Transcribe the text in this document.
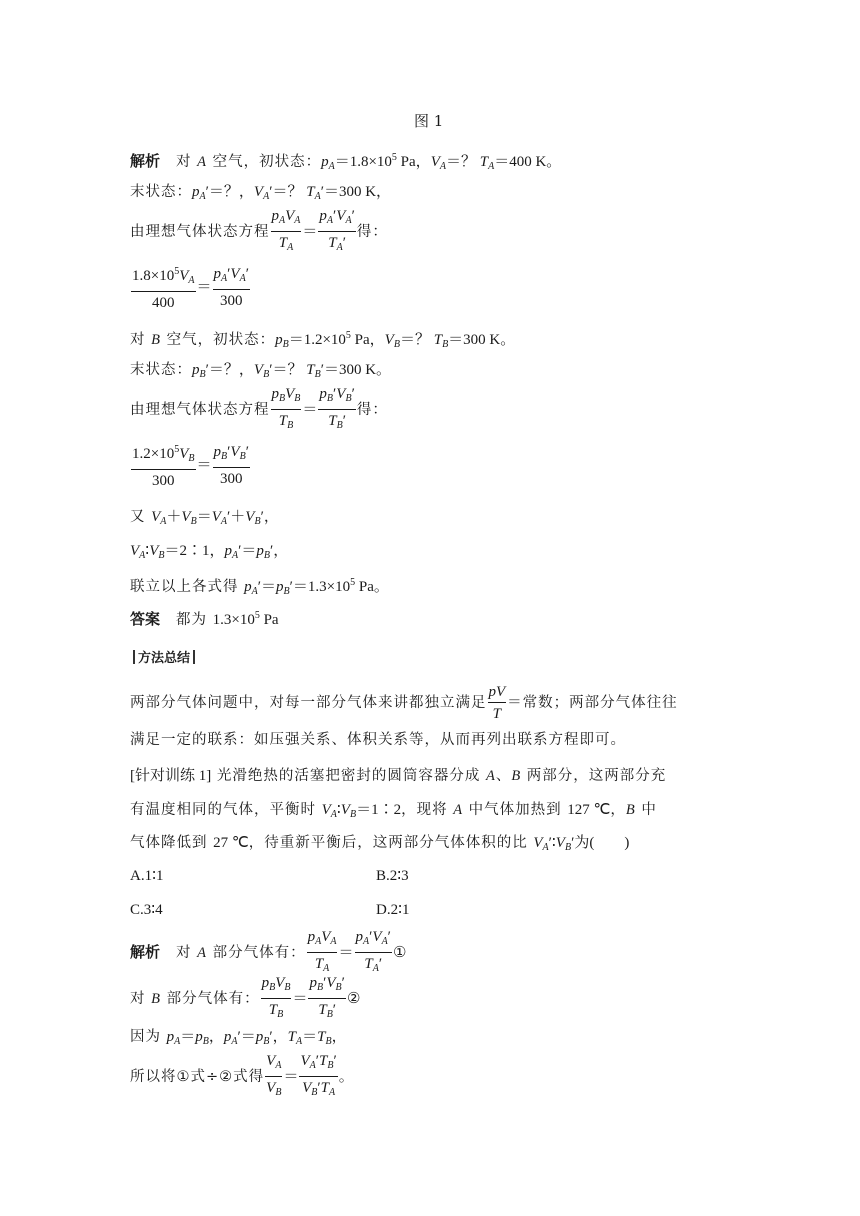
图 1
解析   对 A 空气，初状态：$p_A=1.8\times 10^5$ Pa，$V_A=$？ $T_A=400$ K。
末状态：$p_A'=$？，$V_A'=$？ $T_A'=300$ K，
由理想气体状态方程 $\frac{p_AV_A}{T_A} = \frac{p_A'V_A'}{T_A'}$ 得：
$\frac{1.8\times 10^5V_A}{400} = \frac{p_A'V_A'}{300}$
对 B 空气，初状态：$p_B=1.2\times 10^5$ Pa，$V_B=$？ $T_B=300$ K。
末状态：$p_B'=$？，$V_B'=$？ $T_B'=300$ K。
由理想气体状态方程 $\frac{p_BV_B}{T_B} = \frac{p_B'V_B'}{T_B'}$ 得：
$\frac{1.2\times 10^5V_B}{300} = \frac{p_B'V_B'}{300}$
又 $V_A+V_B=V_A'+V_B'$，
$V_A∶V_B=2∶1$，$p_A'=p_B'$，
联立以上各式得 $p_A'=p_B'=1.3\times 10^5$ Pa。
答案   都为 $1.3\times 10^5$ Pa
方法总结
两部分气体问题中，对每一部分气体来讲都独立满足 $\frac{pV}{T}$ ＝常数；两部分气体往往
满足一定的联系：如压强关系、体积关系等，从而再列出联系方程即可。
[针对训练 1] 光滑绝热的活塞把密封的圆筒容器分成 A、B 两部分，这两部分充
有温度相同的气体，平衡时 $V_A∶V_B=1∶2$，现将 A 中气体加热到 127 ℃，B 中
气体降低到 27 ℃，待重新平衡后，这两部分气体体积的比 $V_A'∶V_B'$为(　　)
A.1∶1	B.2∶3
C.3∶4	D.2∶1
解析   对 A 部分气体有： $\frac{p_AV_A}{T_A} = \frac{p_A'V_A'}{T_A'}$ ①
对 B 部分气体有： $\frac{p_BV_B}{T_B} = \frac{p_B'V_B'}{T_B'}$ ②
因为 $p_A=p_B$，$p_A'=p_B'$，$T_A=T_B$，
所以将①式÷②式得 $\frac{V_A}{V_B} = \frac{V_A'T_B'}{V_B'T_A}$ 。
